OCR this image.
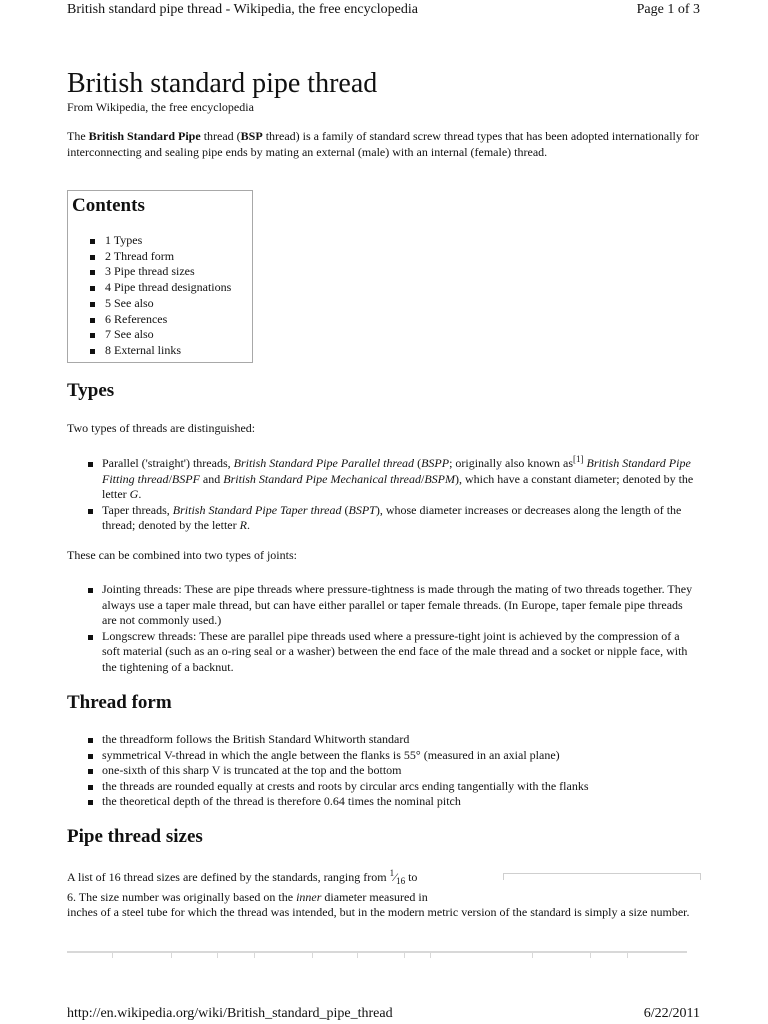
British standard pipe thread - Wikipedia, the free encyclopedia	Page 1 of 3
British standard pipe thread
From Wikipedia, the free encyclopedia

The British Standard Pipe thread (BSP thread) is a family of standard screw thread types that has been adopted internationally for interconnecting and sealing pipe ends by mating an external (male) with an internal (female) thread.

Contents
1 Types
2 Thread form
3 Pipe thread sizes
4 Pipe thread designations
5 See also
6 References
7 See also
8 External links
Types

Two types of threads are distinguished:

Parallel ('straight') threads, British Standard Pipe Parallel thread (BSPP; originally also known as[1] British Standard Pipe Fitting thread/BSPF and British Standard Pipe Mechanical thread/BSPM), which have a constant diameter; denoted by the letter G.
Taper threads, British Standard Pipe Taper thread (BSPT), whose diameter increases or decreases along the length of the thread; denoted by the letter R.

These can be combined into two types of joints:

Jointing threads: These are pipe threads where pressure-tightness is made through the mating of two threads together. They always use a taper male thread, but can have either parallel or taper female threads. (In Europe, taper female pipe threads are not commonly used.)
Longscrew threads: These are parallel pipe threads used where a pressure-tight joint is achieved by the compression of a soft material (such as an o-ring seal or a washer) between the end face of the male thread and a socket or nipple face, with the tightening of a backnut.
Thread form
the threadform follows the British Standard Whitworth standard
symmetrical V-thread in which the angle between the flanks is 55° (measured in an axial plane)
one-sixth of this sharp V is truncated at the top and the bottom
the threads are rounded equally at crests and roots by circular arcs ending tangentially with the flanks
the theoretical depth of the thread is therefore 0.64 times the nominal pitch
Pipe thread sizes

A list of 16 thread sizes are defined by the standards, ranging from $^1⁄_{16}$ to
6. The size number was originally based on the inner diameter measured in
inches of a steel tube for which the thread was intended, but in the modern metric version of the standard is simply a size number.

http://en.wikipedia.org/wiki/British_standard_pipe_thread	6/22/2011
